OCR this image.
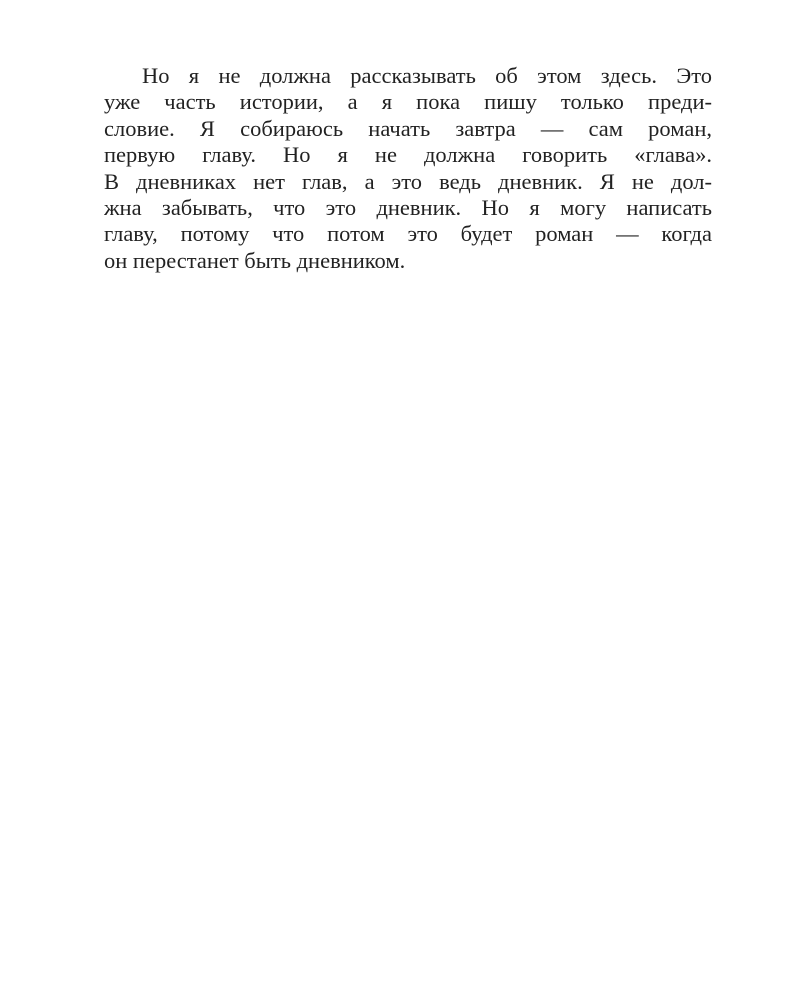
Но я не должна рассказывать об этом здесь. Это
уже часть истории, а я пока пишу только преди-
словие. Я собираюсь начать завтра — сам роман,
первую главу. Но я не должна говорить «глава».
В дневниках нет глав, а это ведь дневник. Я не дол-
жна забывать, что это дневник. Но я могу написать
главу, потому что потом это будет роман — когда
он перестанет быть дневником.
